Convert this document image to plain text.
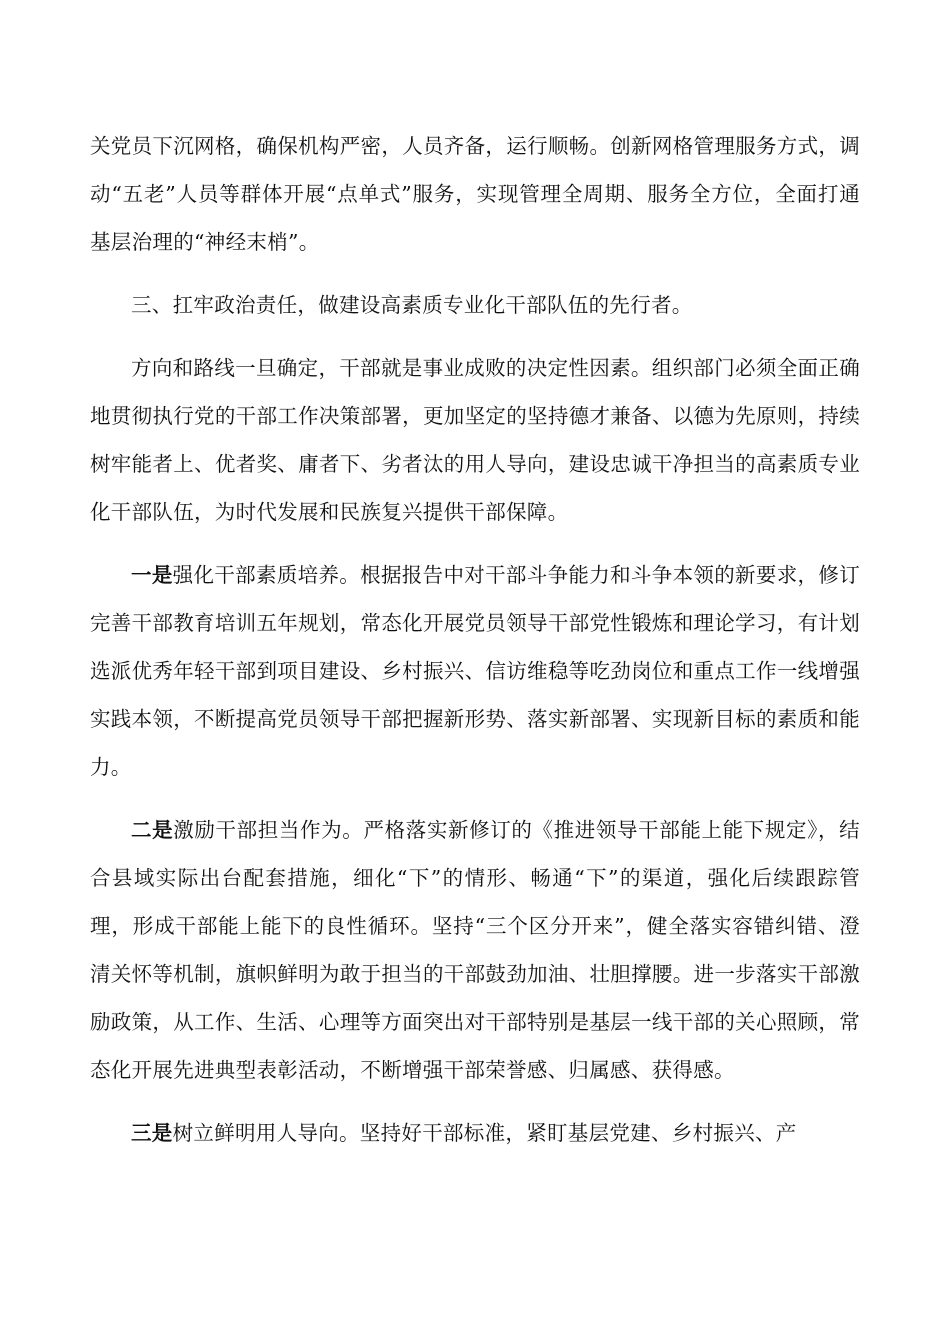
关党员下沉网格，确保机构严密，人员齐备，运行顺畅。创新网格管理服务方式，调动“五老”人员等群体开展“点单式”服务，实现管理全周期、服务全方位，全面打通基层治理的“神经末梢”。

三、扛牢政治责任，做建设高素质专业化干部队伍的先行者。

方向和路线一旦确定，干部就是事业成败的决定性因素。组织部门必须全面正确地贯彻执行党的干部工作决策部署，更加坚定的坚持德才兼备、以德为先原则，持续树牢能者上、优者奖、庸者下、劣者汰的用人导向，建设忠诚干净担当的高素质专业化干部队伍，为时代发展和民族复兴提供干部保障。

一是强化干部素质培养。根据报告中对干部斗争能力和斗争本领的新要求，修订完善干部教育培训五年规划，常态化开展党员领导干部党性锻炼和理论学习，有计划选派优秀年轻干部到项目建设、乡村振兴、信访维稳等吃劲岗位和重点工作一线增强实践本领，不断提高党员领导干部把握新形势、落实新部署、实现新目标的素质和能力。

二是激励干部担当作为。严格落实新修订的《推进领导干部能上能下规定》，结合县域实际出台配套措施，细化“下”的情形、畅通“下”的渠道，强化后续跟踪管理，形成干部能上能下的良性循环。坚持“三个区分开来”，健全落实容错纠错、澄清关怀等机制，旗帜鲜明为敢于担当的干部鼓劲加油、壮胆撑腰。进一步落实干部激励政策，从工作、生活、心理等方面突出对干部特别是基层一线干部的关心照顾，常态化开展先进典型表彰活动，不断增强干部荣誉感、归属感、获得感。

三是树立鲜明用人导向。坚持好干部标准，紧盯基层党建、乡村振兴、产
